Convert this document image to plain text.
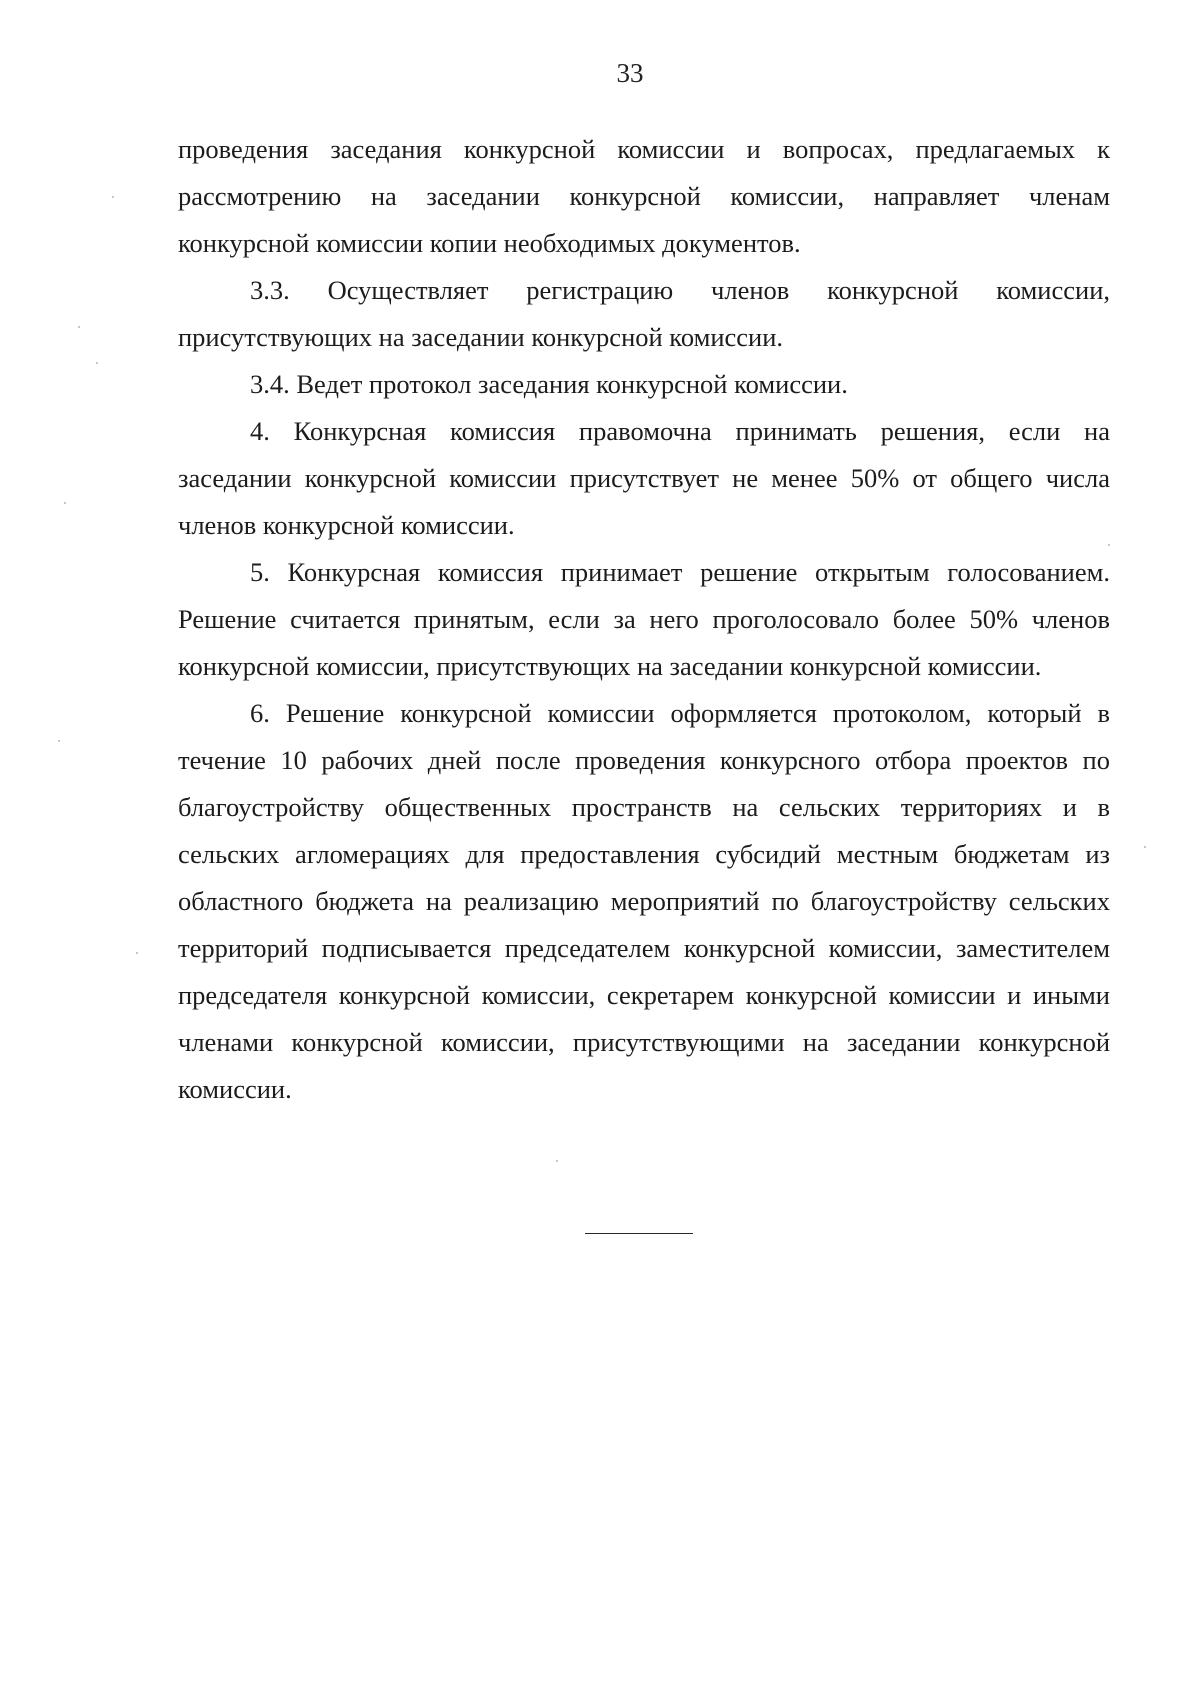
33

проведения заседания конкурсной комиссии и вопросах, предлагаемых к рассмотрению на заседании конкурсной комиссии, направляет членам конкурсной комиссии копии необходимых документов.

3.3. Осуществляет регистрацию членов конкурсной комиссии, присутствующих на заседании конкурсной комиссии.

3.4. Ведет протокол заседания конкурсной комиссии.

4. Конкурсная комиссия правомочна принимать решения, если на заседании конкурсной комиссии присутствует не менее 50% от общего числа членов конкурсной комиссии.

5. Конкурсная комиссия принимает решение открытым голосованием. Решение считается принятым, если за него проголосовало более 50% членов конкурсной комиссии, присутствующих на заседании конкурсной комиссии.

6. Решение конкурсной комиссии оформляется протоколом, который в течение 10 рабочих дней после проведения конкурсного отбора проектов по благоустройству общественных пространств на сельских территориях и в сельских агломерациях для предоставления субсидий местным бюджетам из областного бюджета на реализацию мероприятий по благоустройству сельских территорий подписывается председателем конкурсной комиссии, заместителем председателя конкурсной комиссии, секретарем конкурсной комиссии и иными членами конкурсной комиссии, присутствующими на заседании конкурсной комиссии.
